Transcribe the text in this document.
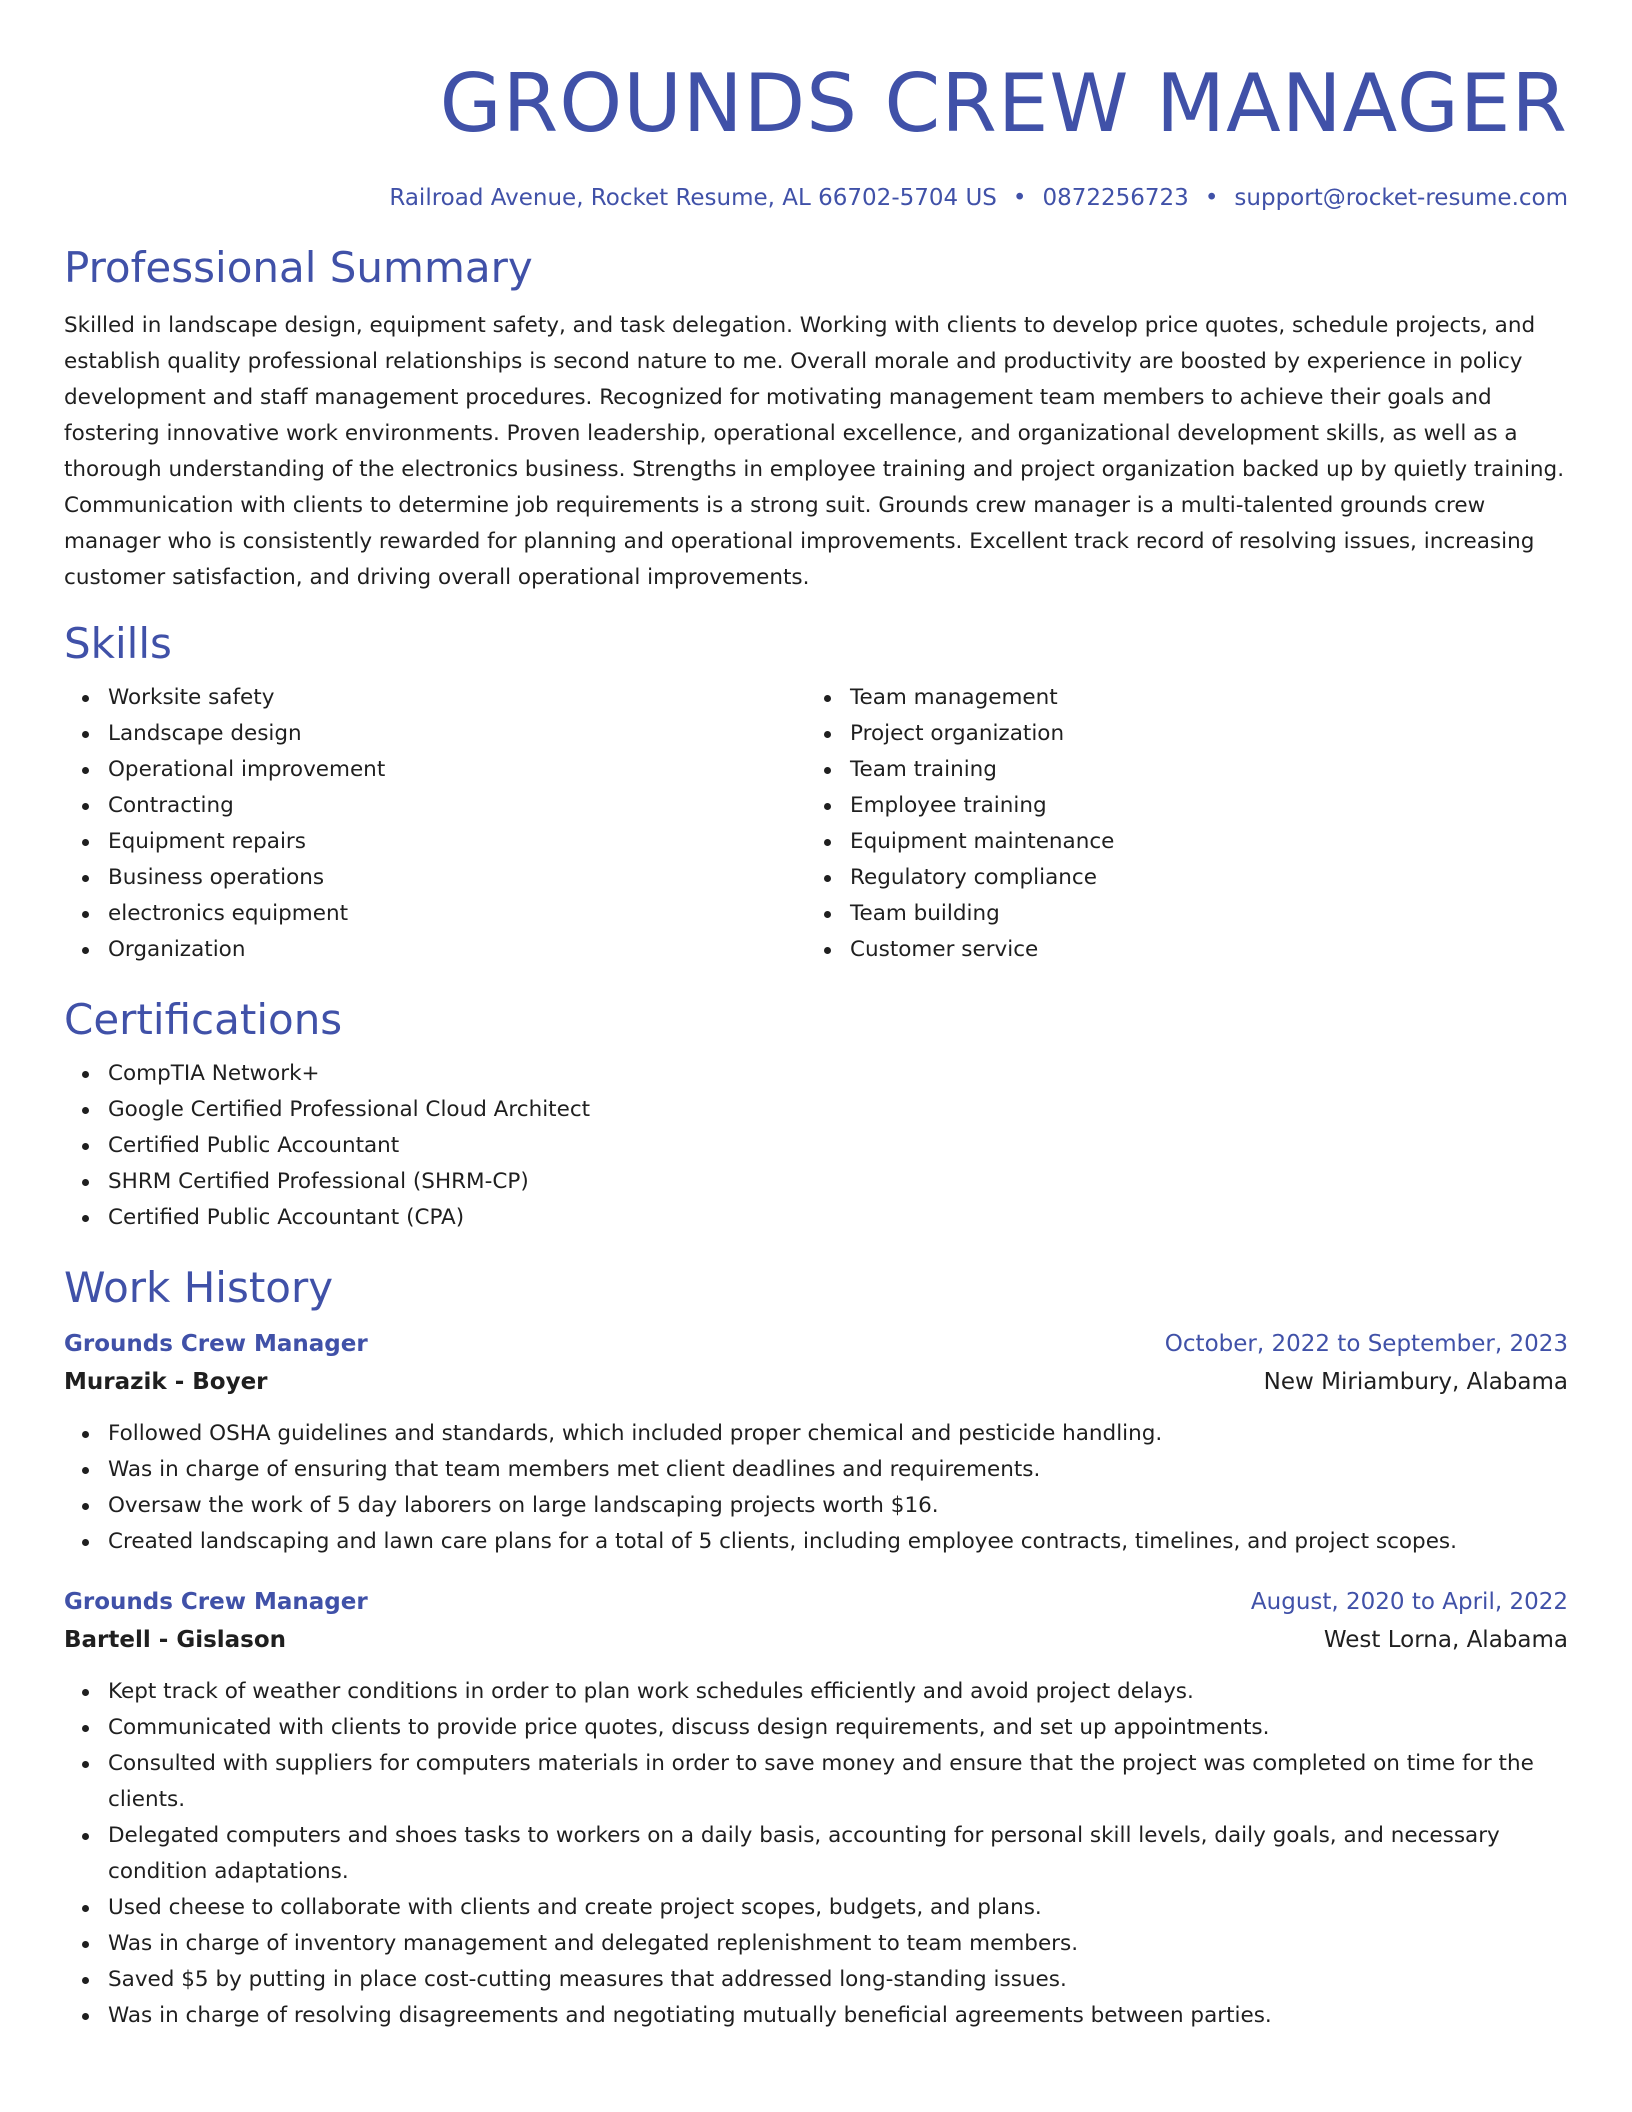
GROUNDS CREW MANAGER
Railroad Avenue, Rocket Resume, AL 66702-5704 US • 0872256723 • support@rocket-resume.com
Professional Summary

Skilled in landscape design, equipment safety, and task delegation. Working with clients to develop price quotes, schedule projects, and establish quality professional relationships is second nature to me. Overall morale and productivity are boosted by experience in policy development and staff management procedures. Recognized for motivating management team members to achieve their goals and fostering innovative work environments. Proven leadership, operational excellence, and organizational development skills, as well as a thorough understanding of the electronics business. Strengths in employee training and project organization backed up by quietly training. Communication with clients to determine job requirements is a strong suit. Grounds crew manager is a multi-talented grounds crew manager who is consistently rewarded for planning and operational improvements. Excellent track record of resolving issues, increasing customer satisfaction, and driving overall operational improvements.

Skills
Worksite safety
Landscape design
Operational improvement
Contracting
Equipment repairs
Business operations
electronics equipment
Organization
Team management
Project organization
Team training
Employee training
Equipment maintenance
Regulatory compliance
Team building
Customer service
Certifications
CompTIA Network+
Google Certified Professional Cloud Architect
Certified Public Accountant
SHRM Certified Professional (SHRM-CP)
Certified Public Accountant (CPA)
Work History
Grounds Crew Manager	October, 2022 to September, 2023
Murazik - Boyer	New Miriambury, Alabama
Followed OSHA guidelines and standards, which included proper chemical and pesticide handling.
Was in charge of ensuring that team members met client deadlines and requirements.
Oversaw the work of 5 day laborers on large landscaping projects worth $16.
Created landscaping and lawn care plans for a total of 5 clients, including employee contracts, timelines, and project scopes.
Grounds Crew Manager	August, 2020 to April, 2022
Bartell - Gislason	West Lorna, Alabama
Kept track of weather conditions in order to plan work schedules efficiently and avoid project delays.
Communicated with clients to provide price quotes, discuss design requirements, and set up appointments.
Consulted with suppliers for computers materials in order to save money and ensure that the project was completed on time for the clients.
Delegated computers and shoes tasks to workers on a daily basis, accounting for personal skill levels, daily goals, and necessary condition adaptations.
Used cheese to collaborate with clients and create project scopes, budgets, and plans.
Was in charge of inventory management and delegated replenishment to team members.
Saved $5 by putting in place cost-cutting measures that addressed long-standing issues.
Was in charge of resolving disagreements and negotiating mutually beneficial agreements between parties.
